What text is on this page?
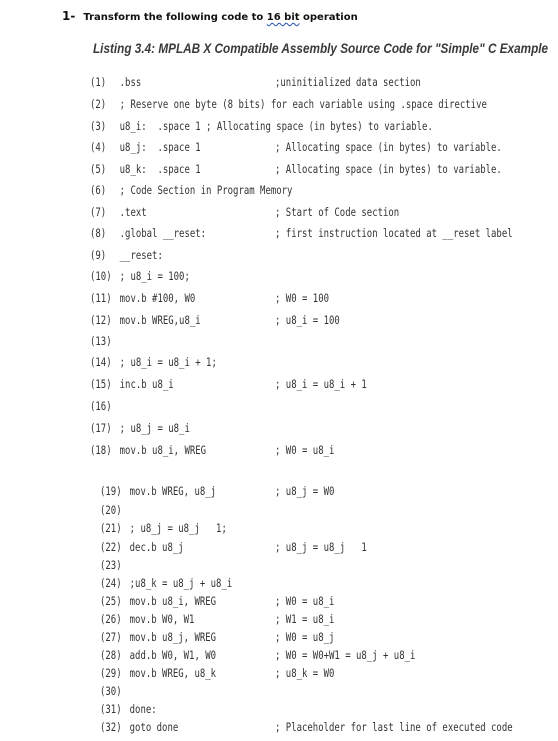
1- Transform the following code to 16 bit operation
Listing 3.4: MPLAB X Compatible Assembly Source Code for "Simple" C Example
(1) .bss	;uninitialized data section
(2) ; Reserve one byte (8 bits) for each variable using .space directive
(3) u8_i:  .space 1 ; Allocating space (in bytes) to variable.
(4) u8_j:  .space 1	; Allocating space (in bytes) to variable.
(5) u8_k:  .space 1	; Allocating space (in bytes) to variable.
(6) ; Code Section in Program Memory
(7) .text	; Start of Code section
(8) .global __reset:	; first instruction located at __reset label
(9) __reset:
(10) ; u8_i = 100;
(11) mov.b #100, W0	; W0 = 100
(12) mov.b WREG,u8_i	; u8_i = 100
(13)
(14) ; u8_i = u8_i + 1;
(15) inc.b u8_i	; u8_i = u8_i + 1
(16)
(17) ; u8_j = u8_i
(18) mov.b u8_i, WREG	; W0 = u8_i
(19) mov.b WREG, u8_j	; u8_j = W0
(20)
(21) ; u8_j = u8_j   1;
(22) dec.b u8_j	; u8_j = u8_j   1
(23)
(24) ;u8_k = u8_j + u8_i
(25) mov.b u8_i, WREG	; W0 = u8_i
(26) mov.b W0, W1	; W1 = u8_i
(27) mov.b u8_j, WREG	; W0 = u8_j
(28) add.b W0, W1, W0	; W0 = W0+W1 = u8_j + u8_i
(29) mov.b WREG, u8_k	; u8_k = W0
(30)
(31) done:
(32) goto done	; Placeholder for last line of executed code
